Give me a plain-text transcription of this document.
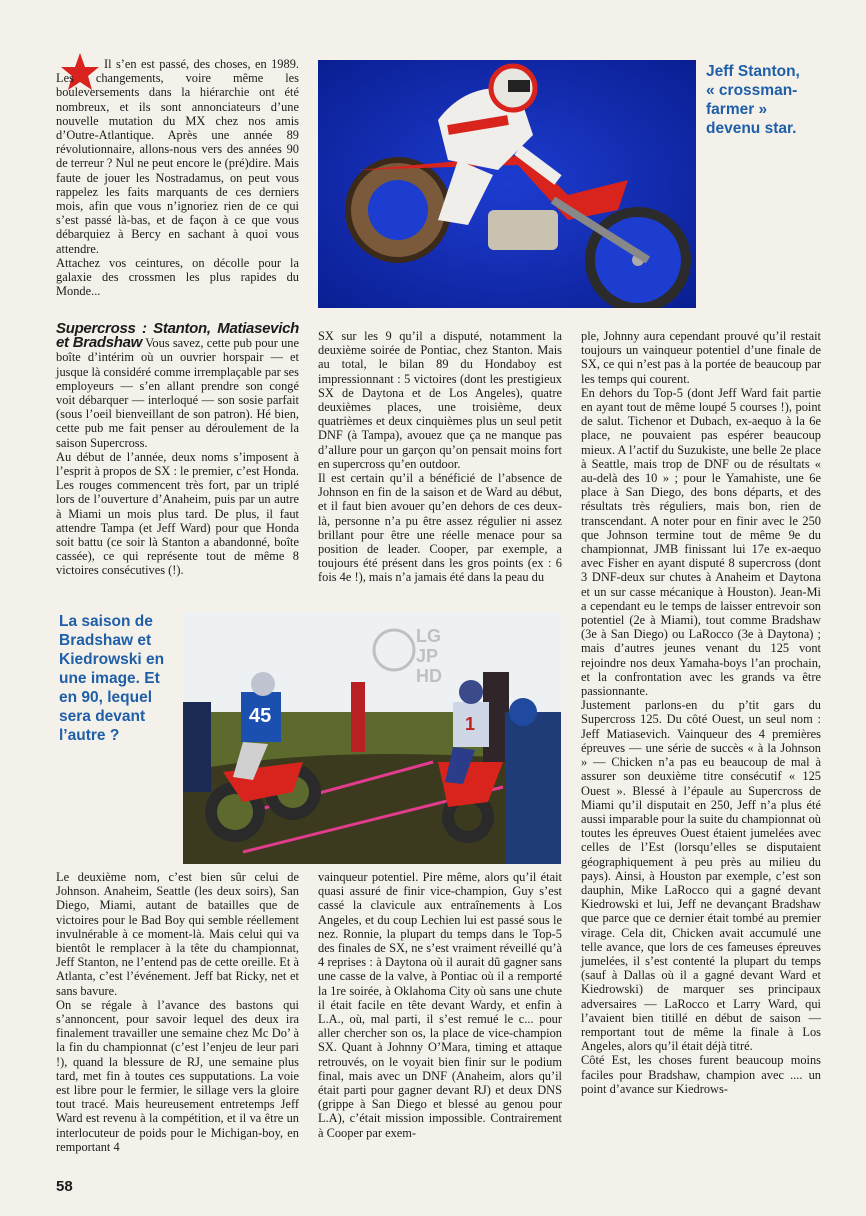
Il s’en est passé, des choses, en 1989. Les changements, voire même les bouleversements dans la hiérarchie ont été nombreux, et ils sont annonciateurs d’une nouvelle mutation du MX chez nos amis d’Outre-Atlantique. Après une année 89 révolutionnaire, allons-nous vers des années 90 de terreur ? Nul ne peut encore le (pré)dire. Mais faute de jouer les Nostradamus, on peut vous rappelez les faits marquants de ces derniers mois, afin que vous n’ignoriez rien de ce qui s’est passé là-bas, et de façon à ce que vous débarquiez à Bercy en sachant à quoi vous attendre.

Attachez vos ceintures, on décolle pour la galaxie des crossmen les plus rapides du Monde...

Jeff Stanton,
« crossman-
farmer »
devenu star.

Supercross : Stanton, Matiasevich et Bradshaw Vous savez, cette pub pour une boîte d’intérim où un ouvrier horspair — et jusque là considéré comme irremplaçable par ses employeurs — s’en allant prendre son congé voit débarquer — interloqué — son sosie parfait (sous l’oeil bienveillant de son patron). Hé bien, cette pub me fait penser au déroulement de la saison Supercross.

Au début de l’année, deux noms s’imposent à l’esprit à propos de SX : le premier, c’est Honda. Les rouges commencent très fort, par un triplé lors de l’ouverture d’Anaheim, puis par un autre à Miami un mois plus tard. De plus, il faut attendre Tampa (et Jeff Ward) pour que Honda soit battu (ce soir là Stanton a abandonné, boîte cassée), ce qui représente tout de même 8 victoires consécutives (!).

SX sur les 9 qu’il a disputé, notamment la deuxième soirée de Pontiac, chez Stanton. Mais au total, le bilan 89 du Hondaboy est impressionnant : 5 victoires (dont les prestigieux SX de Daytona et de Los Angeles), quatre deuxièmes places, une troisième, deux quatrièmes et deux cinquièmes plus un seul petit DNF (à Tampa), avouez que ça ne manque pas d’allure pour un garçon qu’on pensait moins fort en supercross qu’en outdoor.

Il est certain qu’il a bénéficié de l’absence de Johnson en fin de la saison et de Ward au début, et il faut bien avouer qu’en dehors de ces deux-là, personne n’a pu être assez régulier ni assez brillant pour être une réelle menace pour sa position de leader. Cooper, par exemple, a toujours été présent dans les gros points (ex : 6 fois 4e !), mais n’a jamais été dans la peau du

La saison de
Bradshaw et
Kiedrowski en
une image. Et
en 90, lequel
sera devant
l’autre ?
45	1
LG
JP
HD

ple, Johnny aura cependant prouvé qu’il restait toujours un vainqueur potentiel d’une finale de SX, ce qui n’est pas à la portée de beaucoup par les temps qui courent.

En dehors du Top-5 (dont Jeff Ward fait partie en ayant tout de même loupé 5 courses !), point de salut. Tichenor et Dubach, ex-aequo à la 6e place, ne pouvaient pas espérer beaucoup mieux. A l’actif du Suzukiste, une belle 2e place à Seattle, mais trop de DNF ou de résultats « au-delà des 10 » ; pour le Yamahiste, une 6e place à San Diego, des bons départs, et des résultats très réguliers, mais bon, rien de transcendant. A noter pour en finir avec le 250 que Johnson termine tout de même 9e du championnat, JMB finissant lui 17e ex-aequo avec Fisher en ayant disputé 8 supercross (dont 3 DNF-deux sur chutes à Anaheim et Daytona et un sur casse mécanique à Houston). Jean-Mi a cependant eu le temps de laisser entrevoir son potentiel (2e à Miami), tout comme Bradshaw (3e à San Diego) ou LaRocco (3e à Daytona) ; mais d’autres jeunes venant du 125 vont rejoindre nos deux Yamaha-boys l’an prochain, et la confrontation avec les grands va être passionnante.

Justement parlons-en du p’tit gars du Supercross 125. Du côté Ouest, un seul nom : Jeff Matiasevich. Vainqueur des 4 premières épreuves — une série de succès « à la Johnson » — Chicken n’a pas eu beaucoup de mal à assurer son deuxième titre consécutif « 125 Ouest ». Blessé à l’épaule au Supercross de Miami qu’il disputait en 250, Jeff n’a plus été aussi imparable pour la suite du championnat où toutes les épreuves Ouest étaient jumelées avec celles de l’Est (lorsqu’elles se disputaient géographiquement à peu près au milieu du pays). Ainsi, à Houston par exemple, c’est son dauphin, Mike LaRocco qui a gagné devant Kiedrowski et lui, Jeff ne devançant Bradshaw que parce que ce dernier était tombé au premier virage. Cela dit, Chicken avait accumulé une telle avance, que lors de ces fameuses épreuves jumelées, il s’est contenté la plupart du temps (sauf à Dallas où il a gagné devant Ward et Kiedrowski) de marquer ses principaux adversaires — LaRocco et Larry Ward, qui l’avaient bien titillé en début de saison — remportant tout de même la finale à Los Angeles, alors qu’il était déjà titré.

Côté Est, les choses furent beaucoup moins faciles pour Bradshaw, champion avec .... un point d’avance sur Kiedrows-

Le deuxième nom, c’est bien sûr celui de Johnson. Anaheim, Seattle (les deux soirs), San Diego, Miami, autant de batailles que de victoires pour le Bad Boy qui semble réellement invulnérable à ce moment-là. Mais celui qui va bientôt le remplacer à la tête du championnat, Jeff Stanton, ne l’entend pas de cette oreille. Et à Atlanta, c’est l’événement. Jeff bat Ricky, net et sans bavure.

On se régale à l’avance des bastons qui s’annoncent, pour savoir lequel des deux ira finalement travailler une semaine chez Mc Do’ à la fin du championnat (c’est l’enjeu de leur pari !), quand la blessure de RJ, une semaine plus tard, met fin à toutes ces supputations. La voie est libre pour le fermier, le sillage vers la gloire tout tracé. Mais heureusement entretemps Jeff Ward est revenu à la compétition, et il va être un interlocuteur de poids pour le Michigan-boy, en remportant 4

vainqueur potentiel. Pire même, alors qu’il était quasi assuré de finir vice-champion, Guy s’est cassé la clavicule aux entraînements à Los Angeles, et du coup Lechien lui est passé sous le nez. Ronnie, la plupart du temps dans le Top-5 des finales de SX, ne s’est vraiment réveillé qu’à 4 reprises : à Daytona où il aurait dû gagner sans une casse de la valve, à Pontiac où il a remporté la 1re soirée, à Oklahoma City où sans une chute il était facile en tête devant Wardy, et enfin à L.A., où, mal parti, il s’est remué le c... pour aller chercher son os, la place de vice-champion SX. Quant à Johnny O’Mara, timing et attaque retrouvés, on le voyait bien finir sur le podium final, mais avec un DNF (Anaheim, alors qu’il était parti pour gagner devant RJ) et deux DNS (grippe à San Diego et blessé au genou pour L.A), c’était mission impossible. Contrairement à Cooper par exem-

58
